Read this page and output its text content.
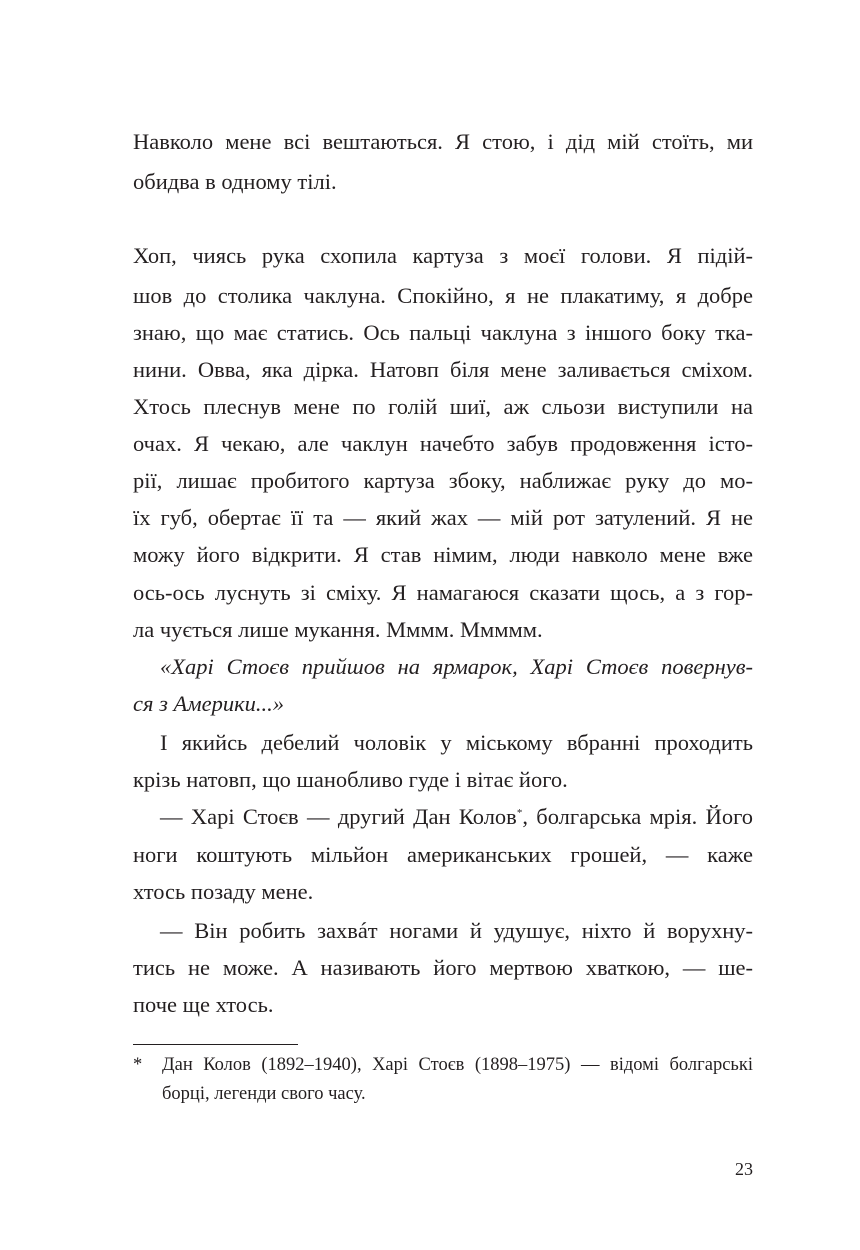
Навколо мене всі вештаються. Я стою, і дід мій стоїть, ми

обидва в одному тілі.

Хоп, чиясь рука схопила картуза з моєї голови. Я підій-

шов до столика чаклуна. Спокійно, я не плакатиму, я добре

знаю, що має статись. Ось пальці чаклуна з іншого боку тка-

нини. Овва, яка дірка. Натовп біля мене заливається сміхом.

Хтось плеснув мене по голій шиї, аж сльози виступили на

очах. Я чекаю, але чаклун начебто забув продовження істо-

рії, лишає пробитого картуза збоку, наближає руку до мо-

їх губ, обертає її та — який жах — мій рот затулений. Я не

можу його відкрити. Я став німим, люди навколо мене вже

ось-ось луснуть зі сміху. Я намагаюся сказати щось, а з гор-

ла чується лише мукання. Мммм. Ммммм.

«Харі Стоєв прийшов на ярмарок, Харі Стоєв повернув-

ся з Америки...»

І якийсь дебелий чоловік у міському вбранні проходить

крізь натовп, що шанобливо гуде і вітає його.

— Харі Стоєв — другий Дан Колов*, болгарська мрія. Його

ноги коштують мільйон американських грошей, — каже

хтось позаду мене.

— Він робить захвáт ногами й удушує, ніхто й ворухну-

тись не може. А називають його мертвою хваткою, — ше-

поче ще хтось.

*	Дан Колов (1892–1940), Харі Стоєв (1898–1975) — відомі болгарські

борці, легенди свого часу.

23
